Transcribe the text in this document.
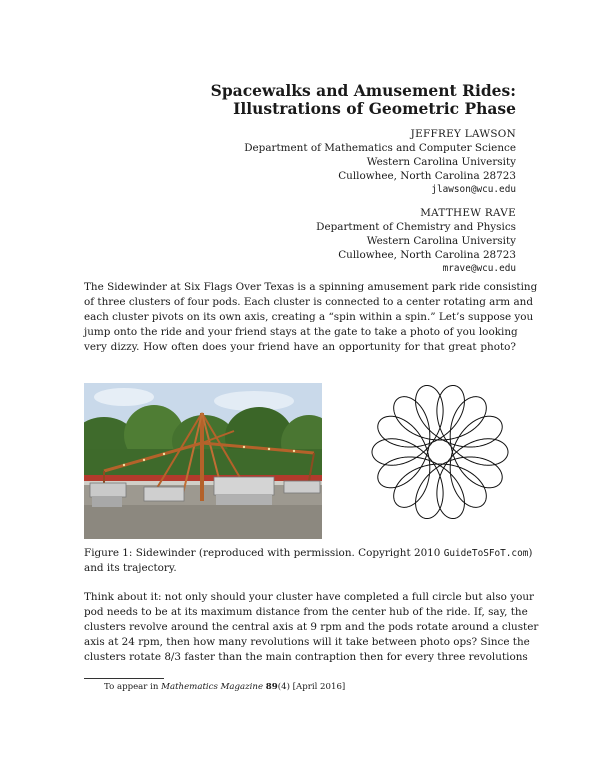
Spacewalks and Amusement Rides:
Illustrations of Geometric Phase
JEFFREY LAWSON
Department of Mathematics and Computer Science
Western Carolina University
Cullowhee, North Carolina 28723
jlawson@wcu.edu
MATTHEW RAVE
Department of Chemistry and Physics
Western Carolina University
Cullowhee, North Carolina 28723
mrave@wcu.edu
The Sidewinder at Six Flags Over Texas is a spinning amusement park ride consisting
of three clusters of four pods. Each cluster is connected to a center rotating arm and
each cluster pivots on its own axis, creating a “spin within a spin.” Let’s suppose you
jump onto the ride and your friend stays at the gate to take a photo of you looking
very dizzy. How often does your friend have an opportunity for that great photo?
Figure 1: Sidewinder (reproduced with permission. Copyright 2010 GuideToSFoT.com)
and its trajectory.
Think about it: not only should your cluster have completed a full circle but also your
pod needs to be at its maximum distance from the center hub of the ride. If, say, the
clusters revolve around the central axis at 9 rpm and the pods rotate around a cluster
axis at 24 rpm, then how many revolutions will it take between photo ops? Since the
clusters rotate 8/3 faster than the main contraption then for every three revolutions
To appear in Mathematics Magazine 89(4) [April 2016]
